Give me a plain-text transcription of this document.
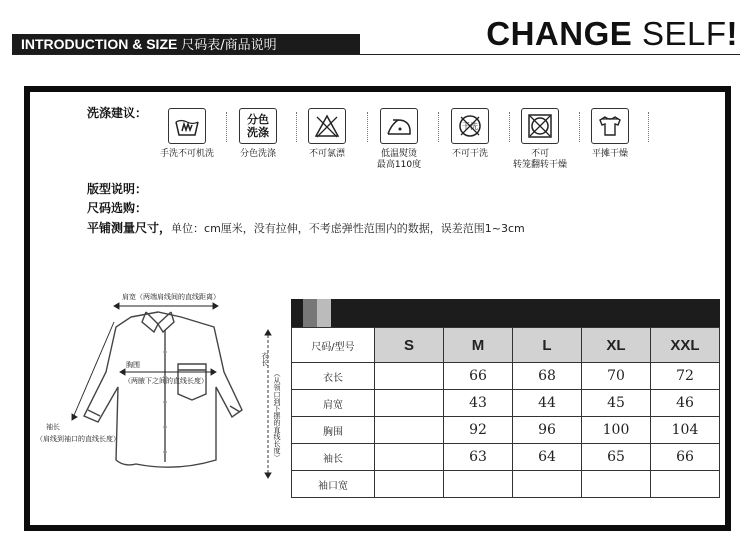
INTRODUCTION & SIZE 尺码表/商品说明	CHANGE SELF!
洗涤建议：
手洗不可机洗
分色
洗涤
分色洗涤	不可氯漂	低温熨烫
最高110度
干洗
不可干洗	不可
转笼翻转干燥
平摊干燥
版型说明：
尺码选购：
平铺测量尺寸，单位：cm厘米，没有拉伸，不考虑弹性范围内的数据，误差范围1~3cm
肩宽（两端肩线间的直线距离）
胸围
（两腋下之间的直线长度）
袖长
（肩线到袖口的直线长度）
衣长
（从领口到下摆的直线长度）
尺码/型号	S	M	L	XL	XXL
衣长		66	68	70	72
肩宽		43	44	45	46
胸围		92	96	100	104
袖长		63	64	65	66
袖口宽					
